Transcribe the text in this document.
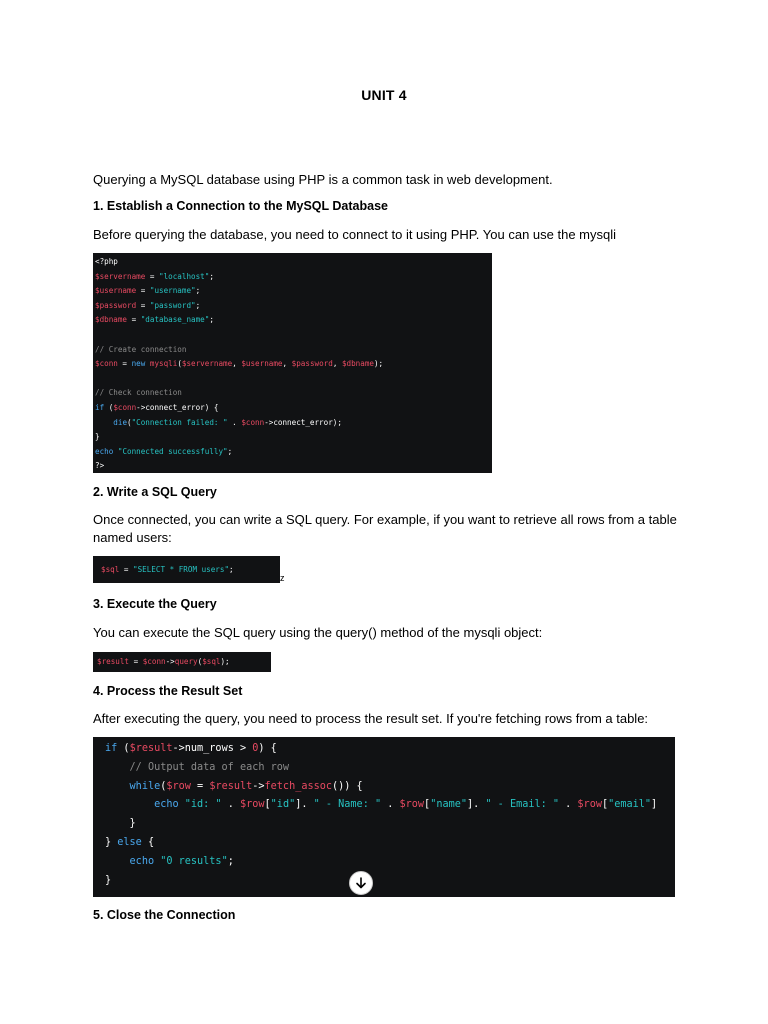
UNIT 4
Querying a MySQL database using PHP is a common task in web development.
1. Establish a Connection to the MySQL Database
Before querying the database, you need to connect to it using PHP. You can use the mysqli
<?php
$servername = "localhost";
$username = "username";
$password = "password";
$dbname = "database_name";

// Create connection
$conn = new mysqli($servername, $username, $password, $dbname);

// Check connection
if ($conn->connect_error) {
die("Connection failed: " . $conn->connect_error);
}
echo "Connected successfully";
?>
2. Write a SQL Query
Once connected, you can write a SQL query. For example, if you want to retrieve all rows from a table named users:
$sql = "SELECT * FROM users";
z
3. Execute the Query
You can execute the SQL query using the query() method of the mysqli object:
$result = $conn->query($sql);
4. Process the Result Set
After executing the query, you need to process the result set. If you're fetching rows from a table:
if ($result->num_rows > 0) {
// Output data of each row
while($row = $result->fetch_assoc()) {
echo "id: " . $row["id"]. " - Name: " . $row["name"]. " - Email: " . $row["email"]
}
} else {
echo "0 results";
}
5. Close the Connection
